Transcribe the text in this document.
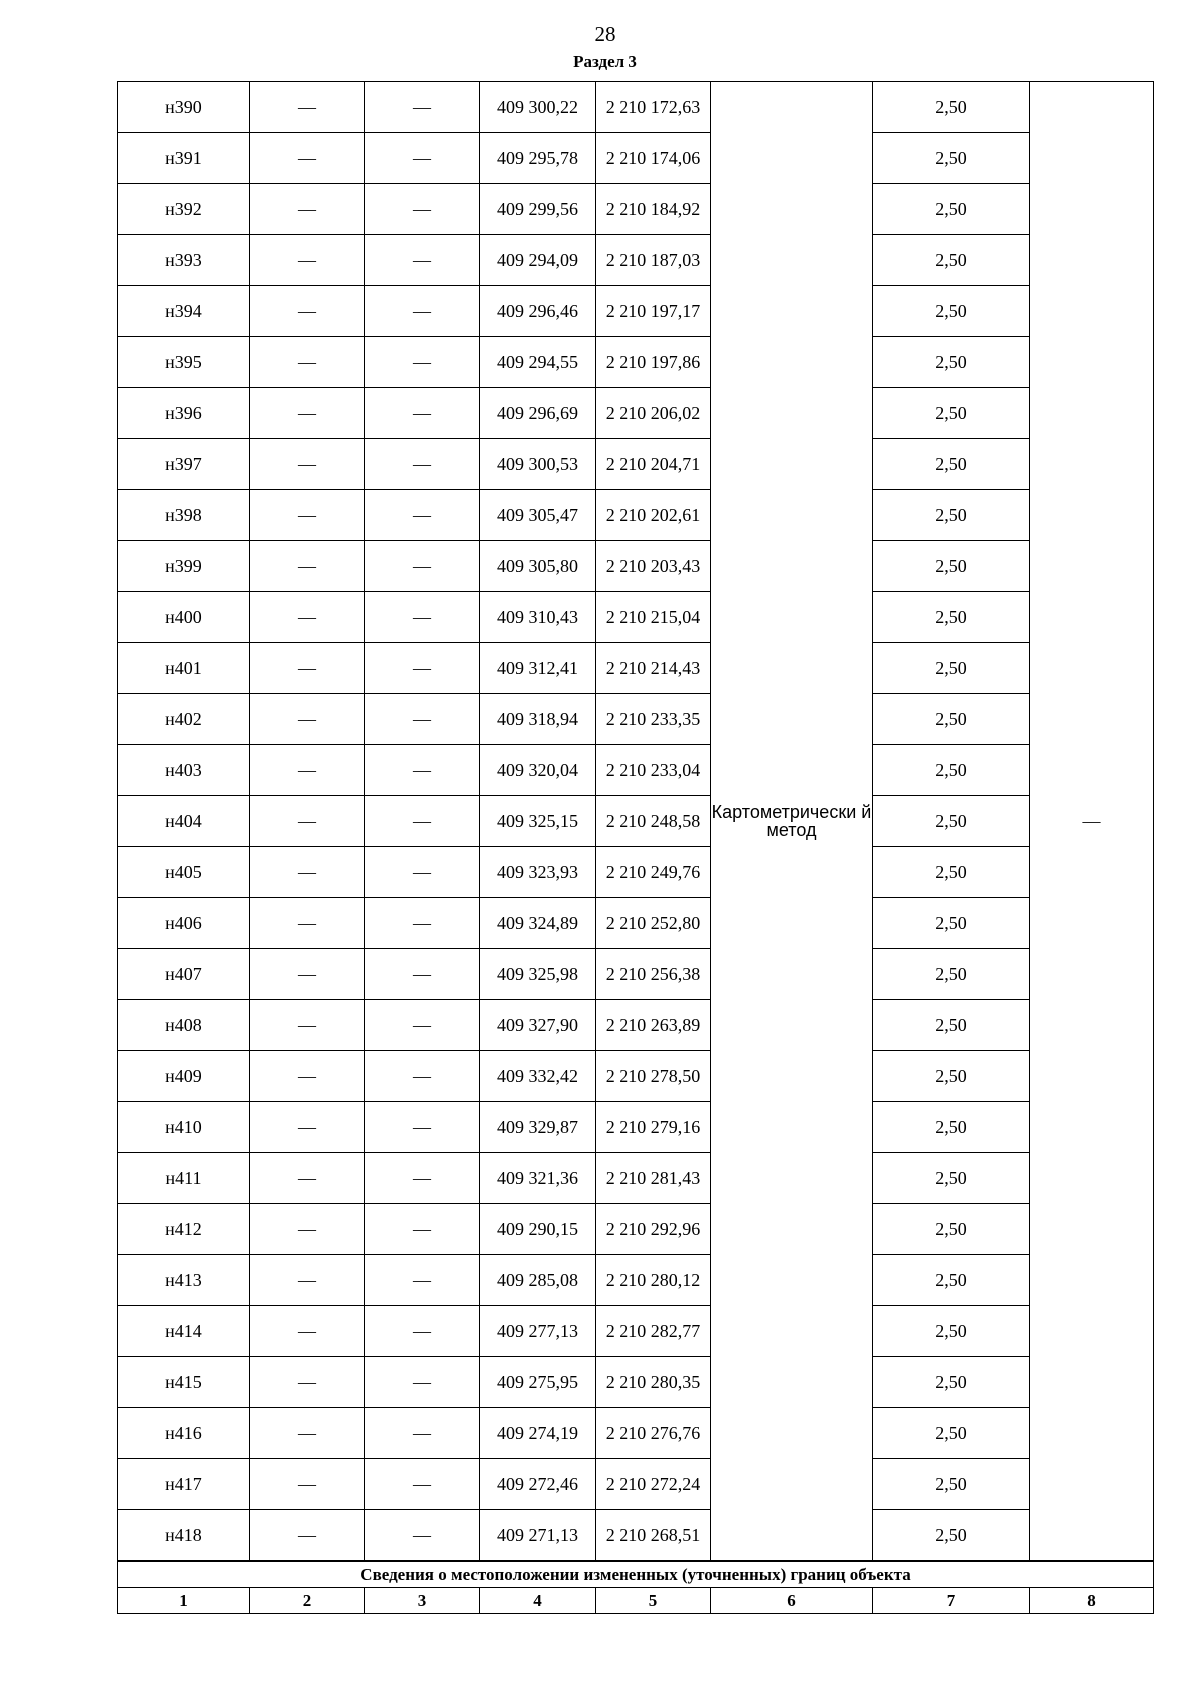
28
Раздел 3
н390	—	—	409 300,22	2 210 172,63	Картометрически й метод	2,50	—
н391	—	—	409 295,78	2 210 174,06		2,50	
н392	—	—	409 299,56	2 210 184,92		2,50	
н393	—	—	409 294,09	2 210 187,03		2,50	
н394	—	—	409 296,46	2 210 197,17		2,50	
н395	—	—	409 294,55	2 210 197,86		2,50	
н396	—	—	409 296,69	2 210 206,02		2,50	
н397	—	—	409 300,53	2 210 204,71		2,50	
н398	—	—	409 305,47	2 210 202,61		2,50	
н399	—	—	409 305,80	2 210 203,43		2,50	
н400	—	—	409 310,43	2 210 215,04		2,50	
н401	—	—	409 312,41	2 210 214,43		2,50	
н402	—	—	409 318,94	2 210 233,35		2,50	
н403	—	—	409 320,04	2 210 233,04		2,50	
н404	—	—	409 325,15	2 210 248,58		2,50	
н405	—	—	409 323,93	2 210 249,76		2,50	
н406	—	—	409 324,89	2 210 252,80		2,50	
н407	—	—	409 325,98	2 210 256,38		2,50	
н408	—	—	409 327,90	2 210 263,89		2,50	
н409	—	—	409 332,42	2 210 278,50		2,50	
н410	—	—	409 329,87	2 210 279,16		2,50	
н411	—	—	409 321,36	2 210 281,43		2,50	
н412	—	—	409 290,15	2 210 292,96		2,50	
н413	—	—	409 285,08	2 210 280,12		2,50	
н414	—	—	409 277,13	2 210 282,77		2,50	
н415	—	—	409 275,95	2 210 280,35		2,50	
н416	—	—	409 274,19	2 210 276,76		2,50	
н417	—	—	409 272,46	2 210 272,24		2,50	
н418	—	—	409 271,13	2 210 268,51		2,50	
Сведения о местоположении измененных (уточненных) границ объекта							
1	2	3	4	5	6	7	8
